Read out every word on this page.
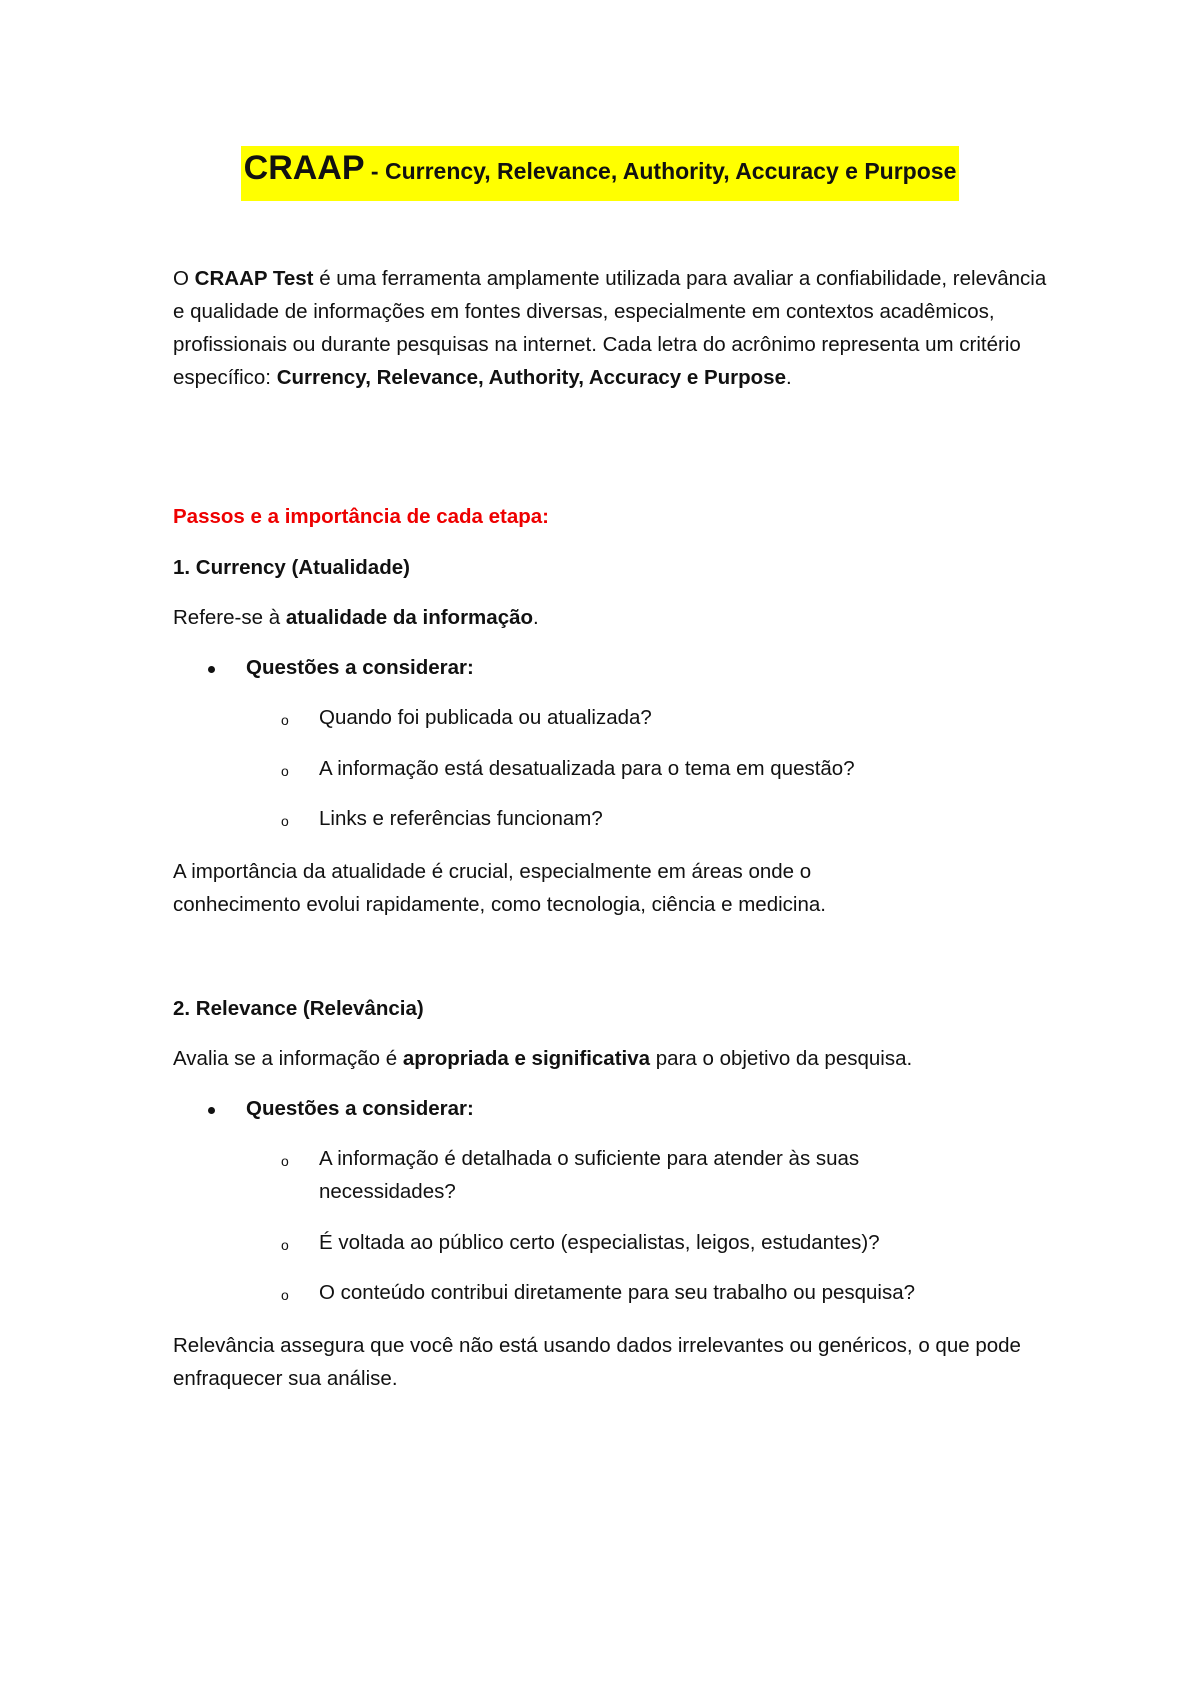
CRAAP - Currency, Relevance, Authority, Accuracy e Purpose

O CRAAP Test é uma ferramenta amplamente utilizada para avaliar a confiabilidade, relevância e qualidade de informações em fontes diversas, especialmente em contextos acadêmicos, profissionais ou durante pesquisas na internet. Cada letra do acrônimo representa um critério específico: Currency, Relevance, Authority, Accuracy e Purpose.

Passos e a importância de cada etapa:
1. Currency (Atualidade)
Refere-se à atualidade da informação.
Questões a considerar:
o Quando foi publicada ou atualizada?
o A informação está desatualizada para o tema em questão?
o Links e referências funcionam?

A importância da atualidade é crucial, especialmente em áreas onde o conhecimento evolui rapidamente, como tecnologia, ciência e medicina.

2. Relevance (Relevância)
Avalia se a informação é apropriada e significativa para o objetivo da pesquisa.
Questões a considerar:
o A informação é detalhada o suficiente para atender às suas necessidades?

o É voltada ao público certo (especialistas, leigos, estudantes)?
o O conteúdo contribui diretamente para seu trabalho ou pesquisa?

Relevância assegura que você não está usando dados irrelevantes ou genéricos, o que pode enfraquecer sua análise.
